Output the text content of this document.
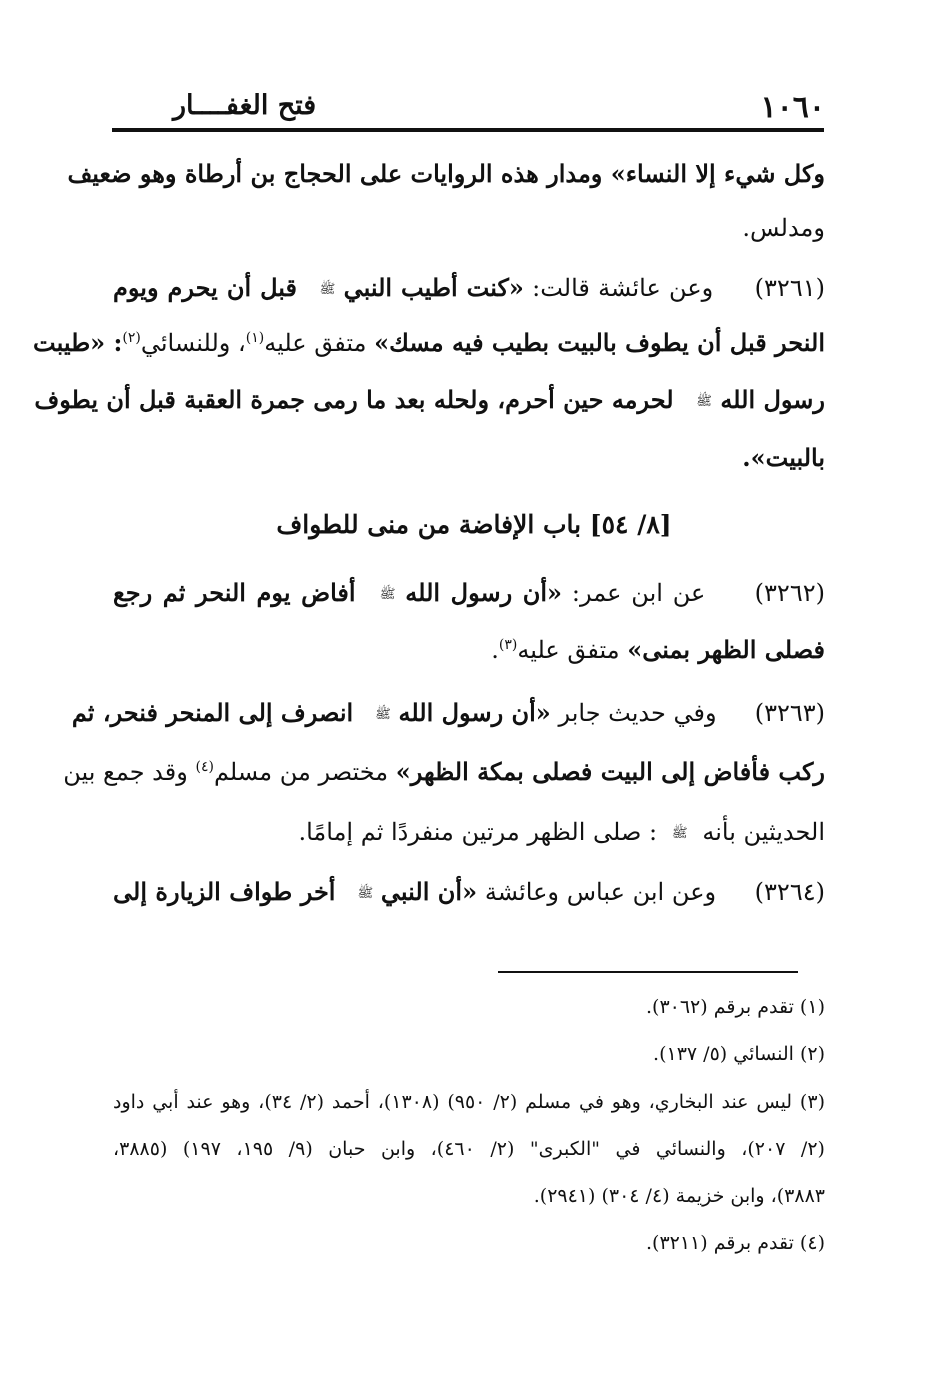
١٠٦٠
فتح الغفــــار
وكل شيء إلا النساء» ومدار هذه الروايات على الحجاج بن أرطاة وهو ضعيف
ومدلس.
(٣٢٦١)     وعن عائشة قالت: «كنت أطيب النبي ﷺ قبل أن يحرم ويوم
النحر قبل أن يطوف بالبيت بطيب فيه مسك» متفق عليه$^{(١)}$، وللنسائي$^{(٢)}$: «طيبت
رسول الله ﷺ لحرمه حين أحرم، ولحله بعد ما رمى جمرة العقبة قبل أن يطوف
بالبيت».
[٨/ ٥٤] باب الإفاضة من منى للطواف
(٣٢٦٢)     عن ابن عمر: «أن رسول الله ﷺ أفاض يوم النحر ثم رجع
فصلى الظهر بمنى» متفق عليه$^{(٣)}$.
(٣٢٦٣)     وفي حديث جابر «أن رسول الله ﷺ انصرف إلى المنحر فنحر، ثم
ركب فأفاض إلى البيت فصلى بمكة الظهر» مختصر من مسلم$^{(٤)}$ وقد جمع بين
الحديثين بأنه ﷺ : صلى الظهر مرتين منفردًا ثم إمامًا.
(٣٢٦٤)     وعن ابن عباس وعائشة «أن النبي ﷺ أخر طواف الزيارة إلى
(١) تقدم برقم (٣٠٦٢).
(٢) النسائي (٥/ ١٣٧).
(٣) ليس عند البخاري، وهو في مسلم (٢/ ٩٥٠) (١٣٠٨)، أحمد (٢/ ٣٤)، وهو عند أبي داود
(٢/ ٢٠٧)، والنسائي في "الكبرى" (٢/ ٤٦٠)، وابن حبان (٩/ ١٩٥، ١٩٧) (٣٨٨٥،
٣٨٨٣)، وابن خزيمة (٤/ ٣٠٤) (٢٩٤١).
(٤) تقدم برقم (٣٢١١).
